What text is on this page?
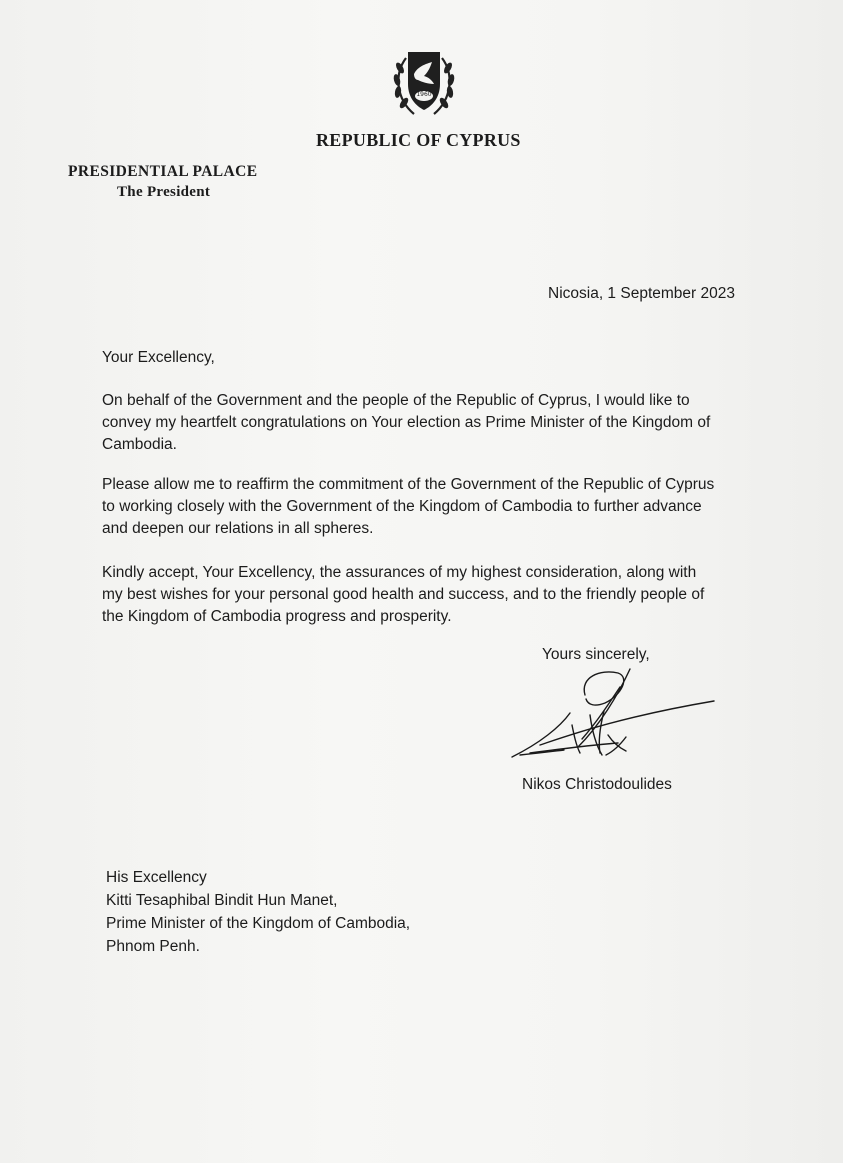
1960
REPUBLIC OF CYPRUS
PRESIDENTIAL PALACE
The President
Nicosia, 1 September 2023
Your Excellency,
On behalf of the Government and the people of the Republic of Cyprus, I would like to
convey my heartfelt congratulations on Your election as Prime Minister of the Kingdom of
Cambodia.
Please allow me to reaffirm the commitment of the Government of the Republic of Cyprus
to working closely with the Government of the Kingdom of Cambodia to further advance
and deepen our relations in all spheres.
Kindly accept, Your Excellency, the assurances of my highest consideration, along with
my best wishes for your personal good health and success, and to the friendly people of
the Kingdom of Cambodia progress and prosperity.
Yours sincerely,
Nikos Christodoulides
His Excellency
Kitti Tesaphibal Bindit Hun Manet,
Prime Minister of the Kingdom of Cambodia,
Phnom Penh.
